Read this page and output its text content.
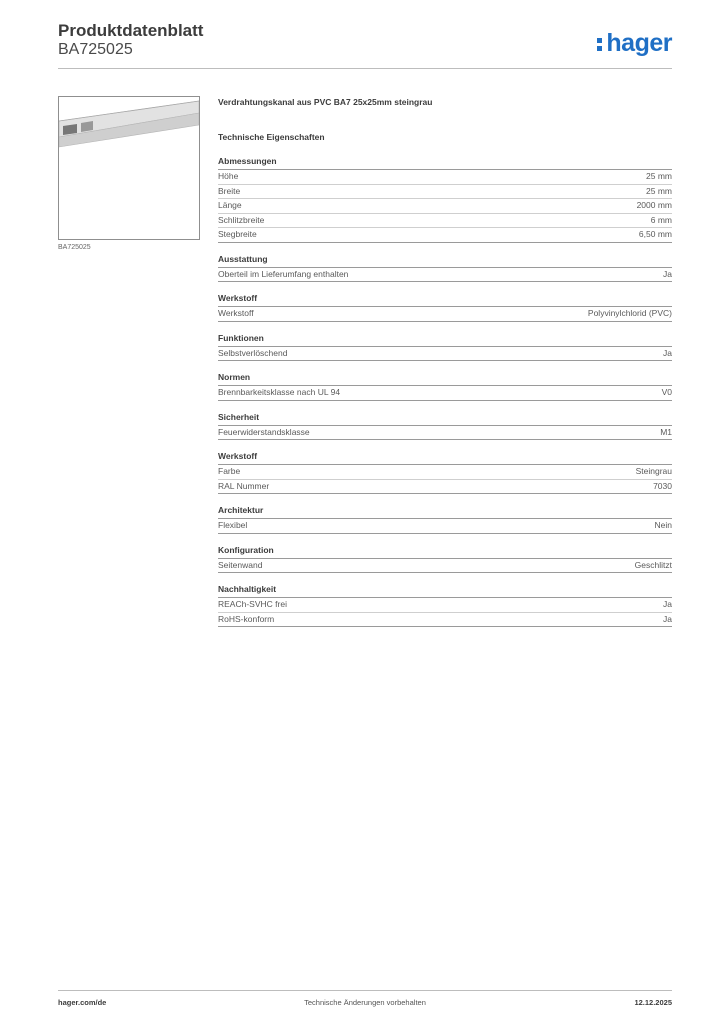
Produktdatenblatt
BA725025	hager
BA725025
Verdrahtungskanal aus PVC BA7 25x25mm steingrau
Technische Eigenschaften
Abmessungen
Höhe	25 mm
Breite	25 mm
Länge	2000 mm
Schlitzbreite	6 mm
Stegbreite	6,50 mm
Ausstattung
Oberteil im Lieferumfang enthalten	Ja
Werkstoff
Werkstoff	Polyvinylchlorid (PVC)
Funktionen
Selbstverlöschend	Ja
Normen
Brennbarkeitsklasse nach UL 94	V0
Sicherheit
Feuerwiderstandsklasse	M1
Werkstoff
Farbe	Steingrau
RAL Nummer	7030
Architektur
Flexibel	Nein
Konfiguration
Seitenwand	Geschlitzt
Nachhaltigkeit
REACh-SVHC frei	Ja
RoHS-konform	Ja
hager.com/de	Technische Änderungen vorbehalten	12.12.2025
